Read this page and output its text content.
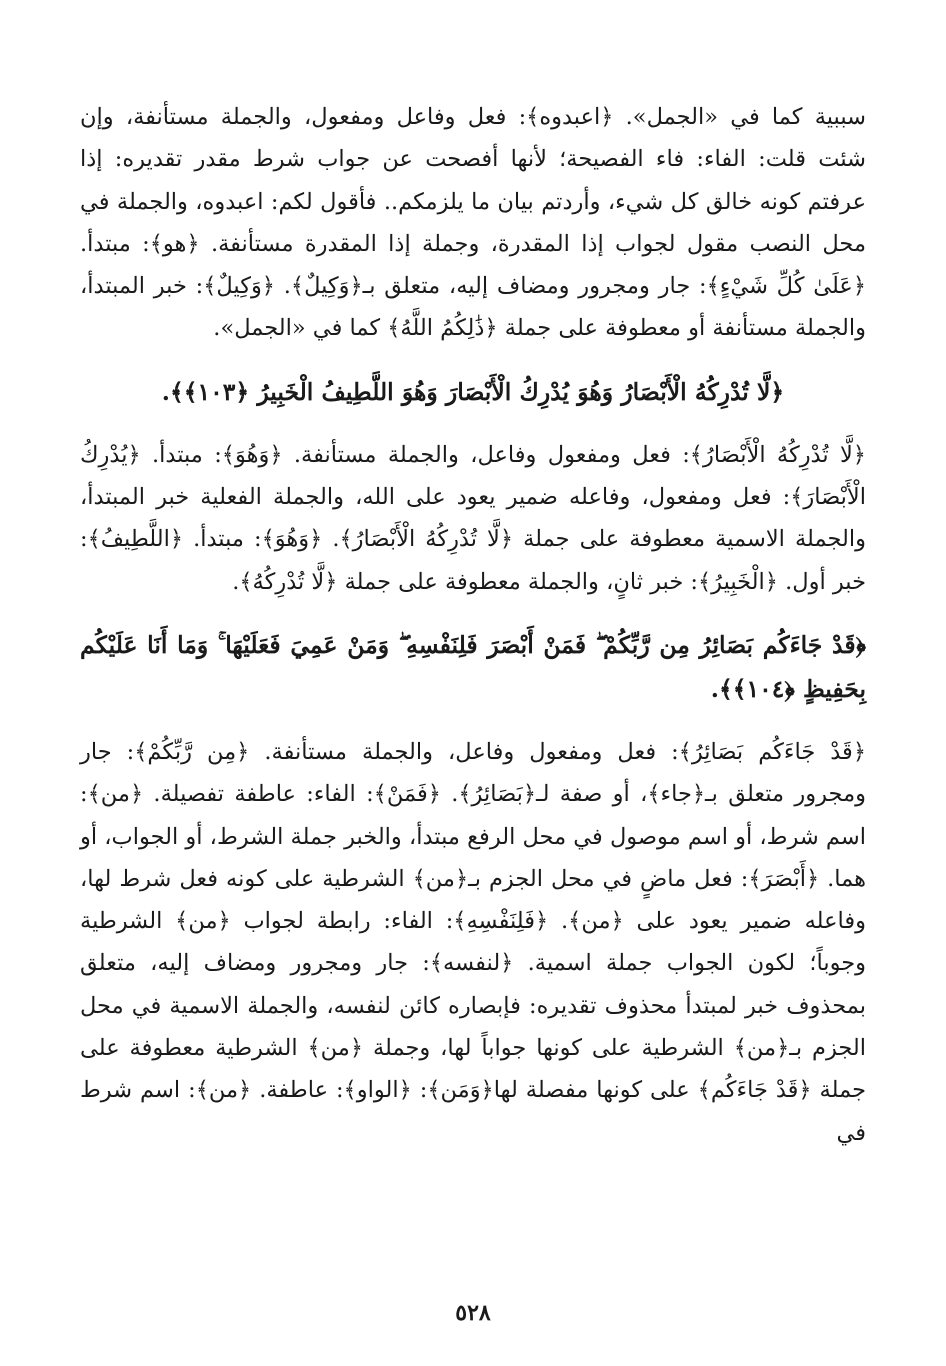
سببية كما في «الجمل». ﴿اعبدوه﴾: فعل وفاعل ومفعول، والجملة مستأنفة، وإن شئت قلت: الفاء: فاء الفصيحة؛ لأنها أفصحت عن جواب شرط مقدر تقديره: إذا عرفتم كونه خالق كل شيء، وأردتم بيان ما يلزمكم.. فأقول لكم: اعبدوه، والجملة في محل النصب مقول لجواب إذا المقدرة، وجملة إذا المقدرة مستأنفة. ﴿هو﴾: مبتدأ. ﴿عَلَىٰ كُلِّ شَيْءٍ﴾: جار ومجرور ومضاف إليه، متعلق بـ﴿وَكِيلٌ﴾. ﴿وَكِيلٌ﴾: خبر المبتدأ، والجملة مستأنفة أو معطوفة على جملة ﴿ذَٰلِكُمُ اللَّهُ﴾ كما في «الجمل».

﴿لَّا تُدْرِكُهُ الْأَبْصَارُ وَهُوَ يُدْرِكُ الْأَبْصَارَ وَهُوَ اللَّطِيفُ الْخَبِيرُ ﴿١٠٣﴾﴾.

﴿لَّا تُدْرِكُهُ الْأَبْصَارُ﴾: فعل ومفعول وفاعل، والجملة مستأنفة. ﴿وَهُوَ﴾: مبتدأ. ﴿يُدْرِكُ الْأَبْصَارَ﴾: فعل ومفعول، وفاعله ضمير يعود على الله، والجملة الفعلية خبر المبتدأ، والجملة الاسمية معطوفة على جملة ﴿لَّا تُدْرِكُهُ الْأَبْصَارُ﴾. ﴿وَهُوَ﴾: مبتدأ. ﴿اللَّطِيفُ﴾: خبر أول. ﴿الْخَبِيرُ﴾: خبر ثانٍ، والجملة معطوفة على جملة ﴿لَّا تُدْرِكُهُ﴾.

﴿قَدْ جَاءَكُم بَصَائِرُ مِن رَّبِّكُمْ ۖ فَمَنْ أَبْصَرَ فَلِنَفْسِهِ ۖ وَمَنْ عَمِيَ فَعَلَيْهَا ۚ وَمَا أَنَا عَلَيْكُم بِحَفِيظٍ ﴿١٠٤﴾﴾.

﴿قَدْ جَاءَكُم بَصَائِرُ﴾: فعل ومفعول وفاعل، والجملة مستأنفة. ﴿مِن رَّبِّكُمْ﴾: جار ومجرور متعلق بـ﴿جاء﴾، أو صفة لـ﴿بَصَائِرُ﴾. ﴿فَمَنْ﴾: الفاء: عاطفة تفصيلة. ﴿من﴾: اسم شرط، أو اسم موصول في محل الرفع مبتدأ، والخبر جملة الشرط، أو الجواب، أو هما. ﴿أَبْصَرَ﴾: فعل ماضٍ في محل الجزم بـ﴿من﴾ الشرطية على كونه فعل شرط لها، وفاعله ضمير يعود على ﴿من﴾. ﴿فَلِنَفْسِهِ﴾: الفاء: رابطة لجواب ﴿من﴾ الشرطية وجوباً؛ لكون الجواب جملة اسمية. ﴿لنفسه﴾: جار ومجرور ومضاف إليه، متعلق بمحذوف خبر لمبتدأ محذوف تقديره: فإبصاره كائن لنفسه، والجملة الاسمية في محل الجزم بـ﴿من﴾ الشرطية على كونها جواباً لها، وجملة ﴿من﴾ الشرطية معطوفة على جملة ﴿قَدْ جَاءَكُم﴾ على كونها مفصلة لها﴿وَمَن﴾: ﴿الواو﴾: عاطفة. ﴿من﴾: اسم شرط في

٥٢٨
